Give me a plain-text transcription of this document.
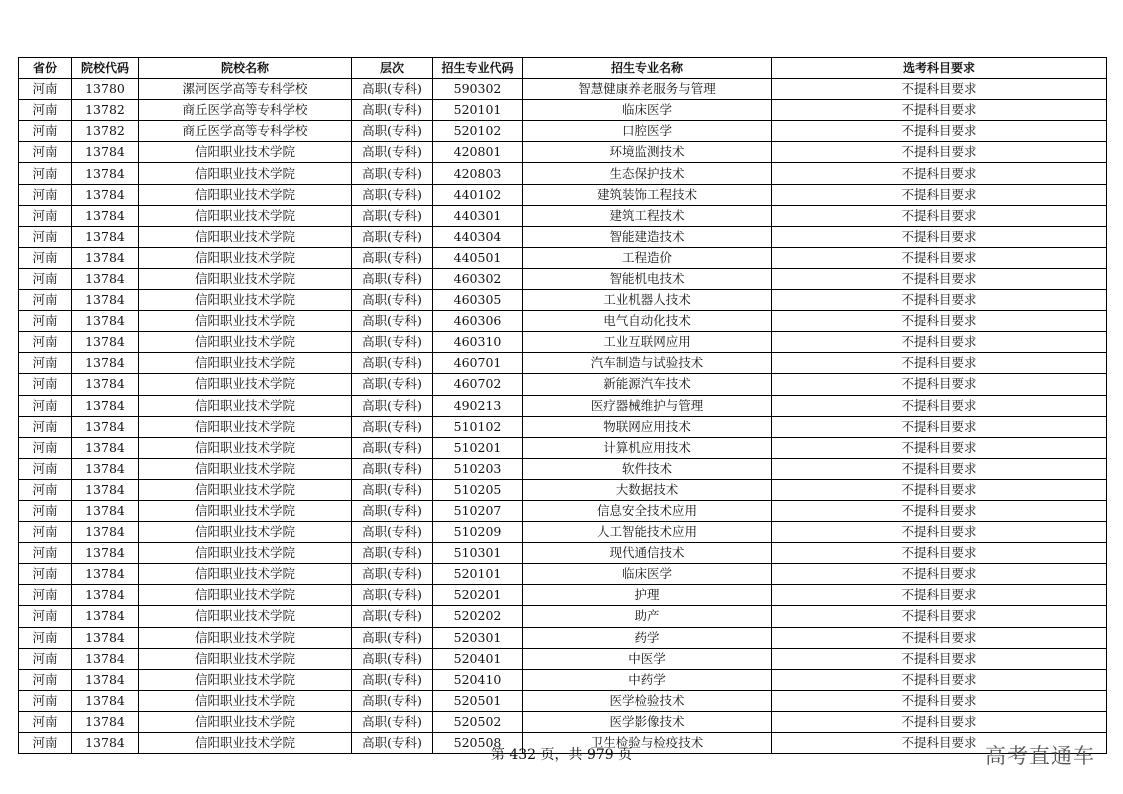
省份	院校代码	院校名称	层次	招生专业代码	招生专业名称	选考科目要求
河南	13780	漯河医学高等专科学校	高职(专科)	590302	智慧健康养老服务与管理	不提科目要求
河南	13782	商丘医学高等专科学校	高职(专科)	520101	临床医学	不提科目要求
河南	13782	商丘医学高等专科学校	高职(专科)	520102	口腔医学	不提科目要求
河南	13784	信阳职业技术学院	高职(专科)	420801	环境监测技术	不提科目要求
河南	13784	信阳职业技术学院	高职(专科)	420803	生态保护技术	不提科目要求
河南	13784	信阳职业技术学院	高职(专科)	440102	建筑装饰工程技术	不提科目要求
河南	13784	信阳职业技术学院	高职(专科)	440301	建筑工程技术	不提科目要求
河南	13784	信阳职业技术学院	高职(专科)	440304	智能建造技术	不提科目要求
河南	13784	信阳职业技术学院	高职(专科)	440501	工程造价	不提科目要求
河南	13784	信阳职业技术学院	高职(专科)	460302	智能机电技术	不提科目要求
河南	13784	信阳职业技术学院	高职(专科)	460305	工业机器人技术	不提科目要求
河南	13784	信阳职业技术学院	高职(专科)	460306	电气自动化技术	不提科目要求
河南	13784	信阳职业技术学院	高职(专科)	460310	工业互联网应用	不提科目要求
河南	13784	信阳职业技术学院	高职(专科)	460701	汽车制造与试验技术	不提科目要求
河南	13784	信阳职业技术学院	高职(专科)	460702	新能源汽车技术	不提科目要求
河南	13784	信阳职业技术学院	高职(专科)	490213	医疗器械维护与管理	不提科目要求
河南	13784	信阳职业技术学院	高职(专科)	510102	物联网应用技术	不提科目要求
河南	13784	信阳职业技术学院	高职(专科)	510201	计算机应用技术	不提科目要求
河南	13784	信阳职业技术学院	高职(专科)	510203	软件技术	不提科目要求
河南	13784	信阳职业技术学院	高职(专科)	510205	大数据技术	不提科目要求
河南	13784	信阳职业技术学院	高职(专科)	510207	信息安全技术应用	不提科目要求
河南	13784	信阳职业技术学院	高职(专科)	510209	人工智能技术应用	不提科目要求
河南	13784	信阳职业技术学院	高职(专科)	510301	现代通信技术	不提科目要求
河南	13784	信阳职业技术学院	高职(专科)	520101	临床医学	不提科目要求
河南	13784	信阳职业技术学院	高职(专科)	520201	护理	不提科目要求
河南	13784	信阳职业技术学院	高职(专科)	520202	助产	不提科目要求
河南	13784	信阳职业技术学院	高职(专科)	520301	药学	不提科目要求
河南	13784	信阳职业技术学院	高职(专科)	520401	中医学	不提科目要求
河南	13784	信阳职业技术学院	高职(专科)	520410	中药学	不提科目要求
河南	13784	信阳职业技术学院	高职(专科)	520501	医学检验技术	不提科目要求
河南	13784	信阳职业技术学院	高职(专科)	520502	医学影像技术	不提科目要求
河南	13784	信阳职业技术学院	高职(专科)	520508	卫生检验与检疫技术	不提科目要求
第 432 页，共 979 页	高考直通车
